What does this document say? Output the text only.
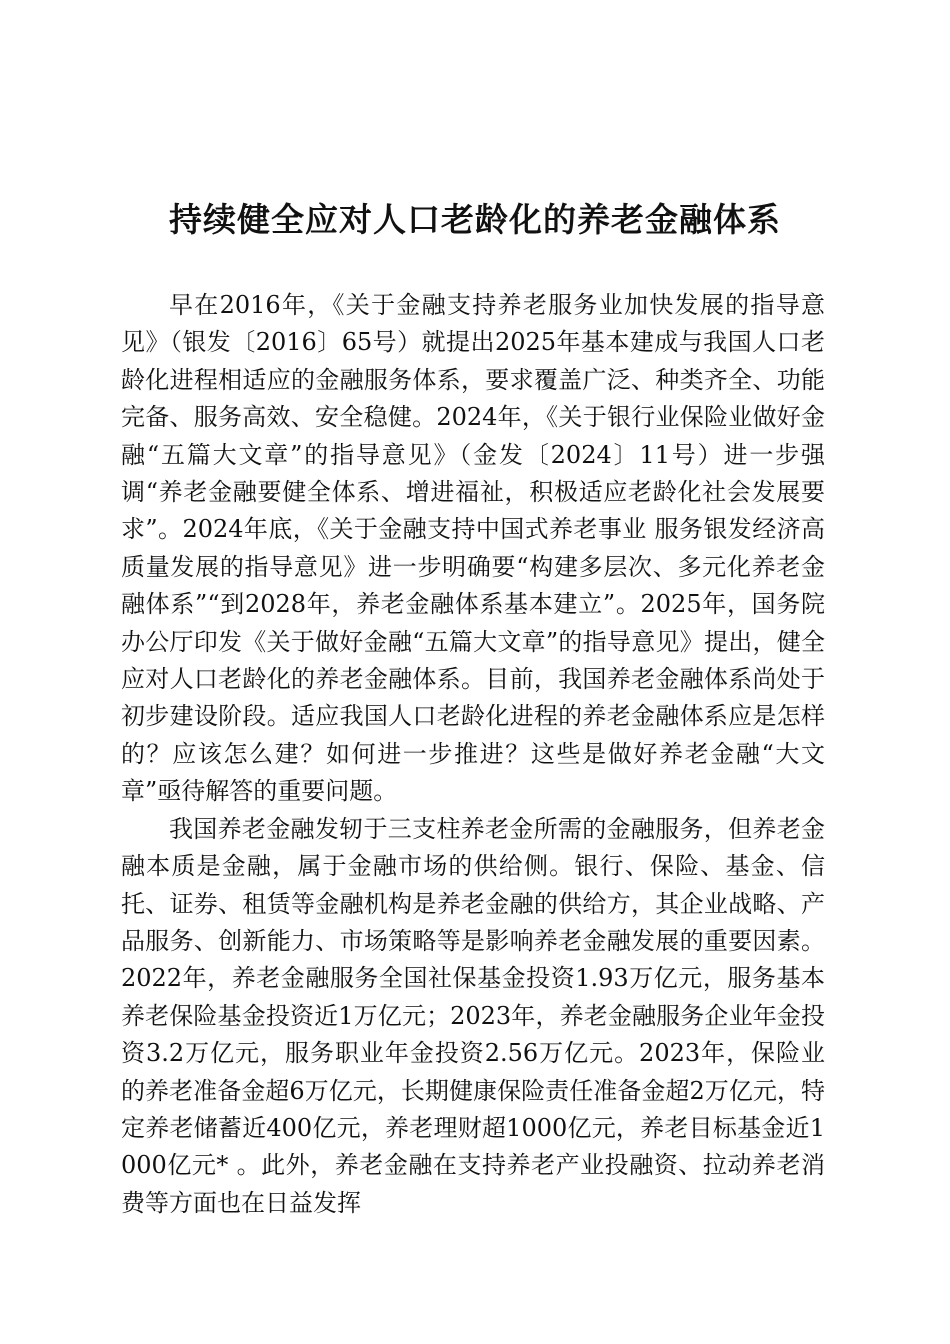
持续健全应对人口老龄化的养老金融体系

早在2016年，《关于金融支持养老服务业加快发展的指导意见》（银发〔2016〕65号）就提出2025年基本建成与我国人口老龄化进程相适应的金融服务体系，要求覆盖广泛、种类齐全、功能完备、服务高效、安全稳健。2024年，《关于银行业保险业做好金融“五篇大文章”的指导意见》（金发〔2024〕11号）进一步强调“养老金融要健全体系、增进福祉，积极适应老龄化社会发展要求”。2024年底，《关于金融支持中国式养老事业 服务银发经济高质量发展的指导意见》进一步明确要“构建多层次、多元化养老金融体系”“到2028年，养老金融体系基本建立”。2025年，国务院办公厅印发《关于做好金融“五篇大文章”的指导意见》提出，健全应对人口老龄化的养老金融体系。目前，我国养老金融体系尚处于初步建设阶段。适应我国人口老龄化进程的养老金融体系应是怎样的？应该怎么建？如何进一步推进？这些是做好养老金融“大文章”亟待解答的重要问题。

我国养老金融发轫于三支柱养老金所需的金融服务，但养老金融本质是金融，属于金融市场的供给侧。银行、保险、基金、信托、证券、租赁等金融机构是养老金融的供给方，其企业战略、产品服务、创新能力、市场策略等是影响养老金融发展的重要因素。2022年，养老金融服务全国社保基金投资1.93万亿元，服务基本养老保险基金投资近1万亿元；2023年，养老金融服务企业年金投资3.2万亿元，服务职业年金投资2.56万亿元。2023年，保险业的养老准备金超6万亿元，长期健康保险责任准备金超2万亿元，特定养老储蓄近400亿元，养老理财超1000亿元，养老目标基金近1000亿元* 。此外，养老金融在支持养老产业投融资、拉动养老消费等方面也在日益发挥
